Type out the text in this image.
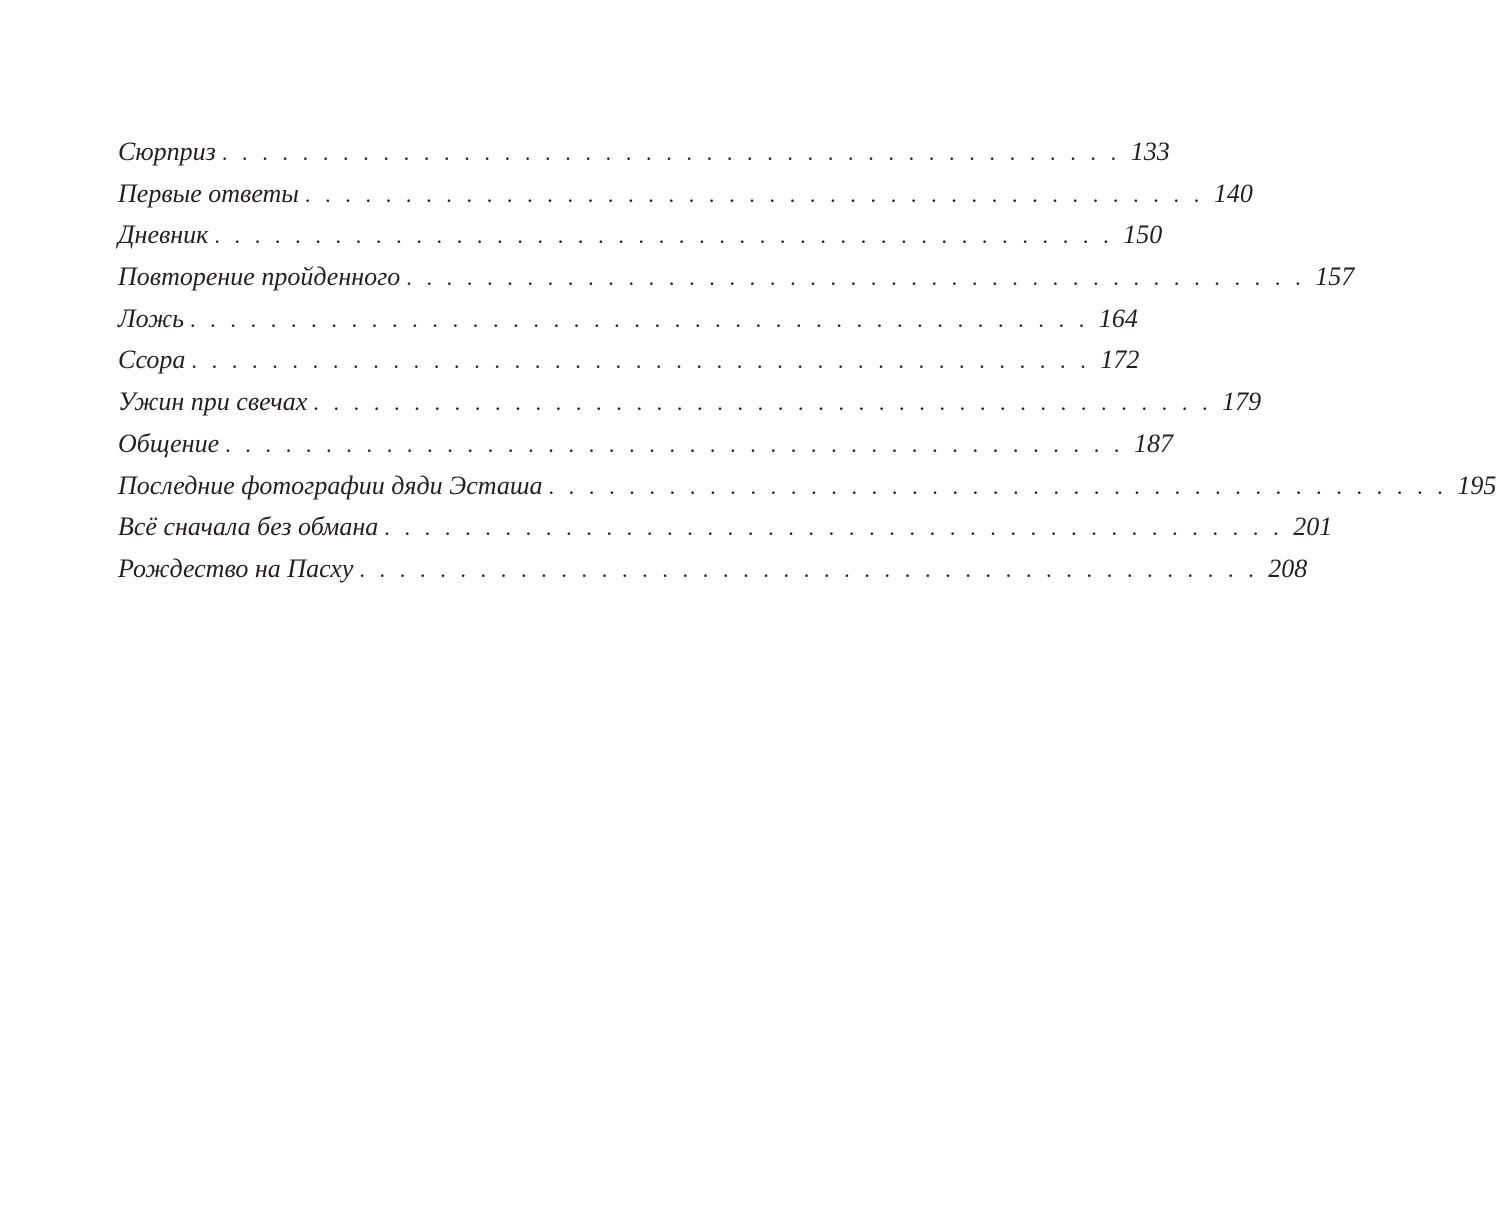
Сюрприз . . . . . . . . . . . . . . . . . . . . . . . . . . . . . . . . . . . . . . . . . . . . . 133
Первые ответы . . . . . . . . . . . . . . . . . . . . . . . . . . . . . . . . . . . . . . . . . . . . . 140
Дневник . . . . . . . . . . . . . . . . . . . . . . . . . . . . . . . . . . . . . . . . . . . . . 150
Повторение пройденного . . . . . . . . . . . . . . . . . . . . . . . . . . . . . . . . . . . . . . . . . . . . . 157
Ложь . . . . . . . . . . . . . . . . . . . . . . . . . . . . . . . . . . . . . . . . . . . . . 164
Ссора . . . . . . . . . . . . . . . . . . . . . . . . . . . . . . . . . . . . . . . . . . . . . 172
Ужин при свечах . . . . . . . . . . . . . . . . . . . . . . . . . . . . . . . . . . . . . . . . . . . . . 179
Общение . . . . . . . . . . . . . . . . . . . . . . . . . . . . . . . . . . . . . . . . . . . . . 187
Последние фотографии дяди Эсташа . . . . . . . . . . . . . . . . . . . . . . . . . . . . . . . . . . . . . . . . . . . . . 195
Всё сначала без обмана . . . . . . . . . . . . . . . . . . . . . . . . . . . . . . . . . . . . . . . . . . . . . 201
Рождество на Пасху . . . . . . . . . . . . . . . . . . . . . . . . . . . . . . . . . . . . . . . . . . . . . 208
